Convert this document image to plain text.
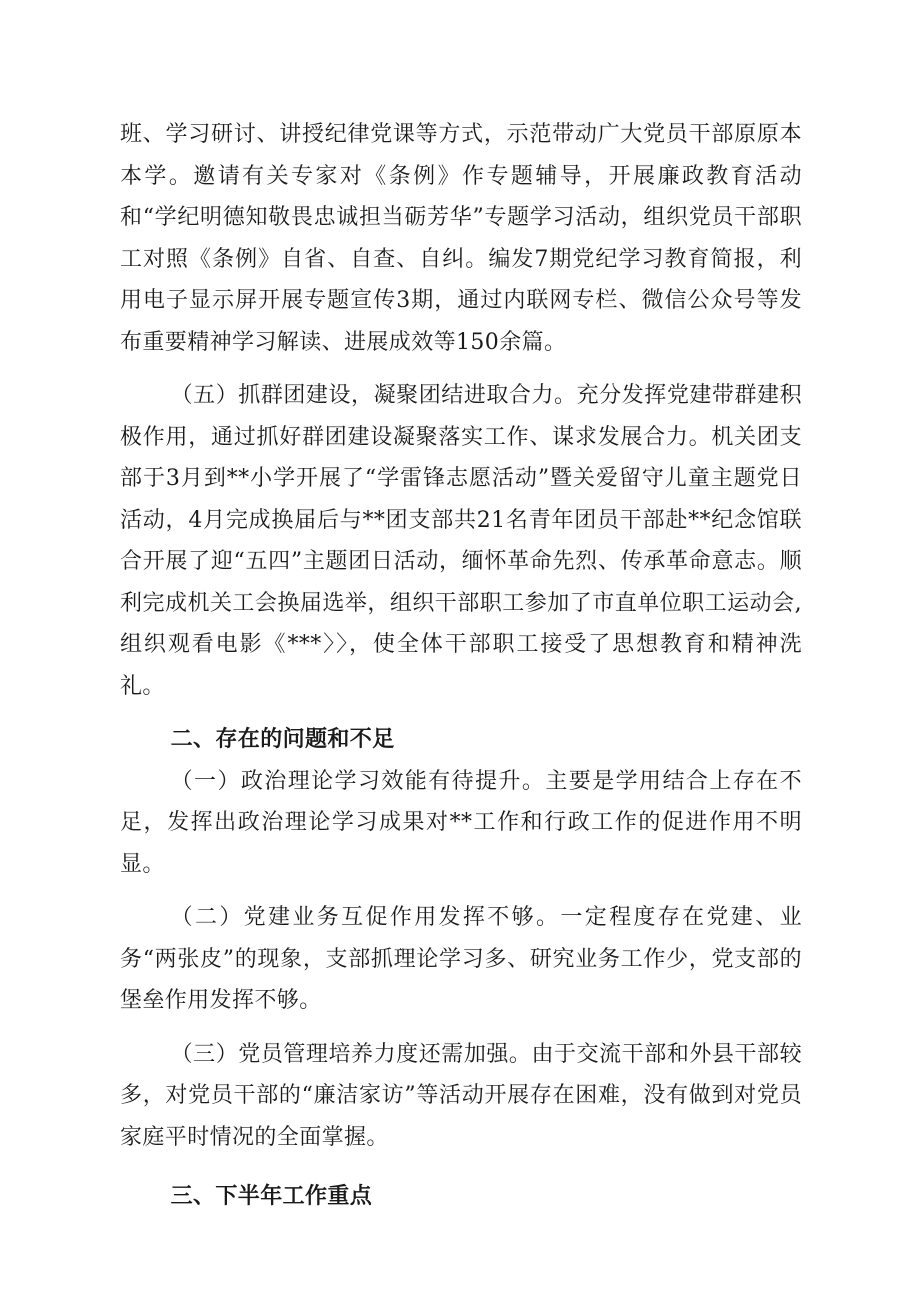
班、学习研讨、讲授纪律党课等方式，示范带动广大党员干部原原本本学。邀请有关专家对《条例》作专题辅导，开展廉政教育活动和“学纪明德知敬畏忠诚担当砺芳华”专题学习活动，组织党员干部职工对照《条例》自省、自查、自纠。编发7期党纪学习教育简报，利用电子显示屏开展专题宣传3期，通过内联网专栏、微信公众号等发布重要精神学习解读、进展成效等150余篇。

（五）抓群团建设，凝聚团结进取合力。充分发挥党建带群建积极作用，通过抓好群团建设凝聚落实工作、谋求发展合力。机关团支部于3月到**小学开展了“学雷锋志愿活动”暨关爱留守儿童主题党日活动，4月完成换届后与**团支部共21名青年团员干部赴**纪念馆联合开展了迎“五四”主题团日活动，缅怀革命先烈、传承革命意志。顺利完成机关工会换届选举，组织干部职工参加了市直单位职工运动会,组织观看电影《***〉〉，使全体干部职工接受了思想教育和精神洗礼。

二、存在的问题和不足

（一）政治理论学习效能有待提升。主要是学用结合上存在不足，发挥出政治理论学习成果对**工作和行政工作的促进作用不明显。

（二）党建业务互促作用发挥不够。一定程度存在党建、业务“两张皮”的现象，支部抓理论学习多、研究业务工作少，党支部的堡垒作用发挥不够。

（三）党员管理培养力度还需加强。由于交流干部和外县干部较多，对党员干部的“廉洁家访”等活动开展存在困难，没有做到对党员家庭平时情况的全面掌握。

三、下半年工作重点
